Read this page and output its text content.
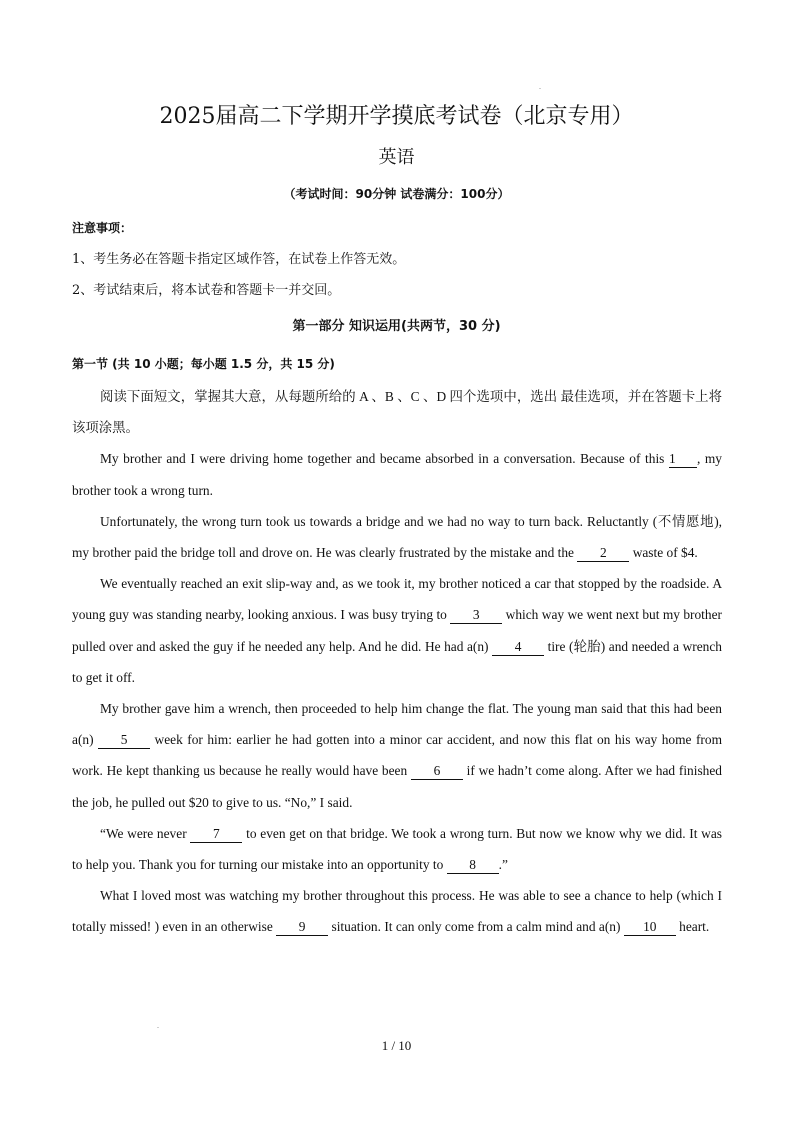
2025届高二下学期开学摸底考试卷（北京专用）
英语
（考试时间：90分钟 试卷满分：100分）
注意事项：
1、考生务必在答题卡指定区域作答，在试卷上作答无效。
2、考试结束后，将本试卷和答题卡一并交回。
第一部分 知识运用(共两节，30 分)
第一节 (共 10 小题；每小题 1.5 分，共 15 分)

阅读下面短文，掌握其大意，从每题所给的 A 、B 、C 、D 四个选项中，选出 最佳选项，并在答题卡上将该项涂黑。

My brother and I were driving home together and became absorbed in a conversation. Because of this 1 , my brother took a wrong turn.

Unfortunately, the wrong turn took us towards a bridge and we had no way to turn back. Reluctantly (不情愿地), my brother paid the bridge toll and drove on. He was clearly frustrated by the mistake and the 2 waste of $4.

We eventually reached an exit slip-way and, as we took it, my brother noticed a car that stopped by the roadside. A young guy was standing nearby, looking anxious. I was busy trying to 3 which way we went next but my brother pulled over and asked the guy if he needed any help. And he did. He had a(n) 4 tire (轮胎) and needed a wrench to get it off.

My brother gave him a wrench, then proceeded to help him change the flat. The young man said that this had been a(n) 5 week for him: earlier he had gotten into a minor car accident, and now this flat on his way home from work. He kept thanking us because he really would have been 6 if we hadn’t come along. After we had finished the job, he pulled out $20 to give to us. “No,” I said.

“We were never 7 to even get on that bridge. We took a wrong turn. But now we know why we did. It was to help you. Thank you for turning our mistake into an opportunity to 8 .”

What I loved most was watching my brother throughout this process. He was able to see a chance to help (which I totally missed! ) even in an otherwise 9 situation. It can only come from a calm mind and a(n) 10 heart.

1 / 10
